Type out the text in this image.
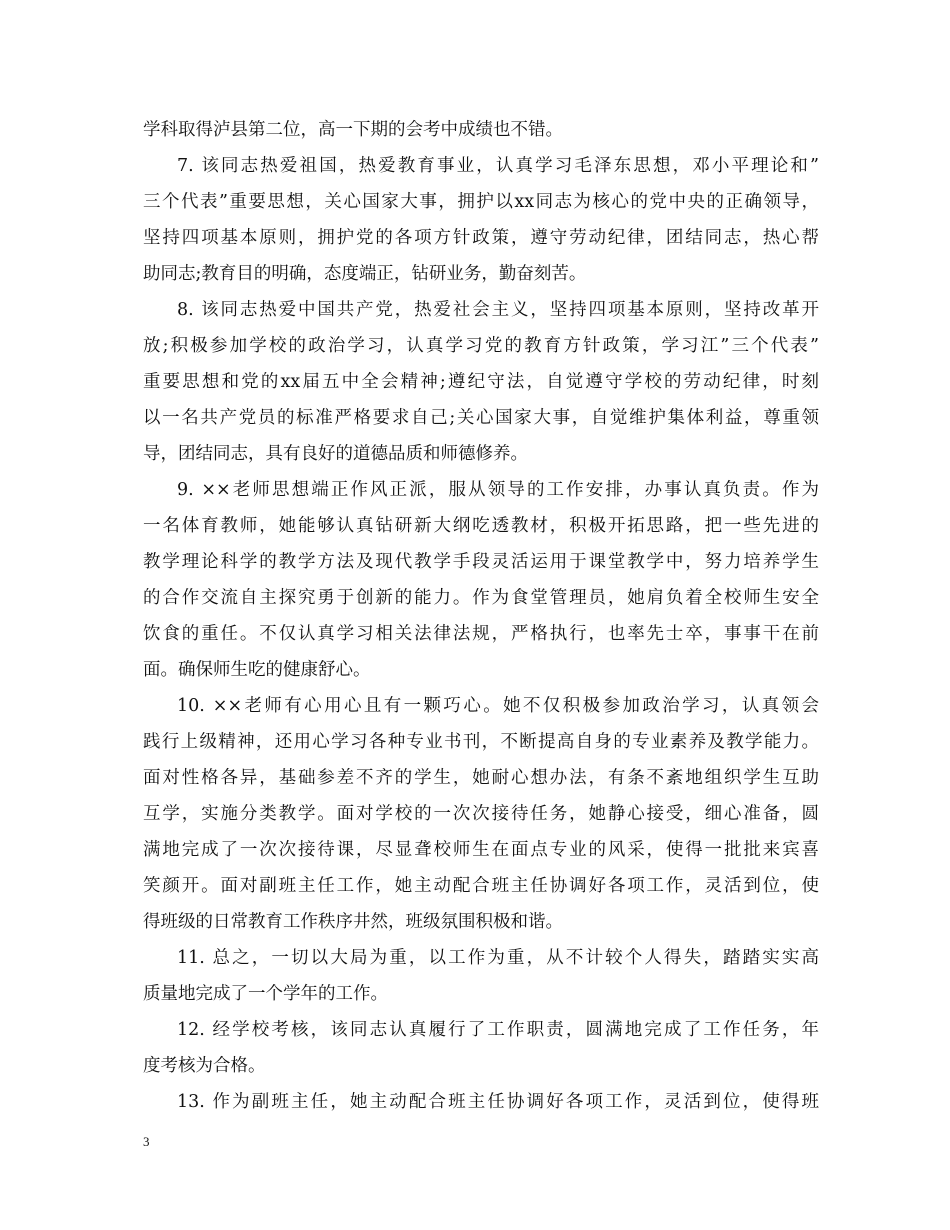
学科取得泸县第二位，高一下期的会考中成绩也不错。
7. 该同志热爱祖国，热爱教育事业，认真学习毛泽东思想，邓小平理论和”
三个代表”重要思想，关心国家大事，拥护以xx同志为核心的党中央的正确领导，
坚持四项基本原则，拥护党的各项方针政策，遵守劳动纪律，团结同志，热心帮
助同志;教育目的明确，态度端正，钻研业务，勤奋刻苦。
8. 该同志热爱中国共产党，热爱社会主义，坚持四项基本原则，坚持改革开
放;积极参加学校的政治学习，认真学习党的教育方针政策，学习江”三个代表”
重要思想和党的xx届五中全会精神;遵纪守法，自觉遵守学校的劳动纪律，时刻
以一名共产党员的标准严格要求自己;关心国家大事，自觉维护集体利益，尊重领
导，团结同志，具有良好的道德品质和师德修养。
9. ××老师思想端正作风正派，服从领导的工作安排，办事认真负责。作为
一名体育教师，她能够认真钻研新大纲吃透教材，积极开拓思路，把一些先进的
教学理论科学的教学方法及现代教学手段灵活运用于课堂教学中，努力培养学生
的合作交流自主探究勇于创新的能力。作为食堂管理员，她肩负着全校师生安全
饮食的重任。不仅认真学习相关法律法规，严格执行，也率先士卒，事事干在前
面。确保师生吃的健康舒心。
10. ××老师有心用心且有一颗巧心。她不仅积极参加政治学习，认真领会
践行上级精神，还用心学习各种专业书刊，不断提高自身的专业素养及教学能力。
面对性格各异，基础参差不齐的学生，她耐心想办法，有条不紊地组织学生互助
互学，实施分类教学。面对学校的一次次接待任务，她静心接受，细心准备，圆
满地完成了一次次接待课，尽显聋校师生在面点专业的风采，使得一批批来宾喜
笑颜开。面对副班主任工作，她主动配合班主任协调好各项工作，灵活到位，使
得班级的日常教育工作秩序井然，班级氛围积极和谐。
11. 总之，一切以大局为重，以工作为重，从不计较个人得失，踏踏实实高
质量地完成了一个学年的工作。
12. 经学校考核，该同志认真履行了工作职责，圆满地完成了工作任务，年
度考核为合格。
13. 作为副班主任，她主动配合班主任协调好各项工作，灵活到位，使得班
3
